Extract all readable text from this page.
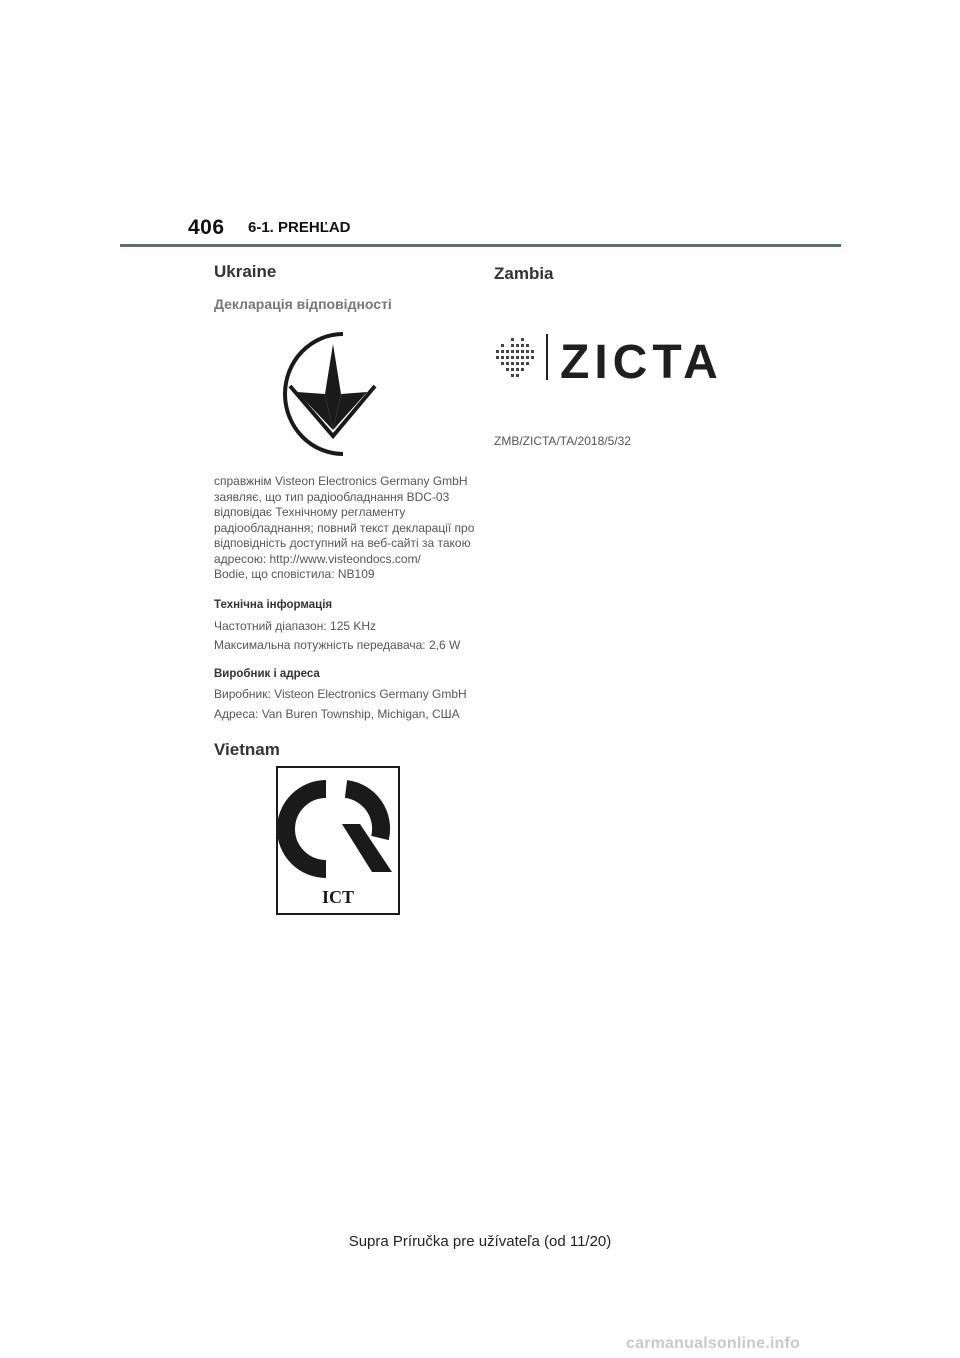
406 6-1. PREHĽAD
Ukraine
Декларація відповідності
справжнім Visteon Electronics Germany GmbH заявляє, що тип радіообладнання BDC-03 відповідає Технічному регламенту радіообладнання; повний текст декларації про відповідність доступний на веб-сайті за такою адресою: http://www.visteondocs.com/
Bodie, що сповістила: NB109
Технічна інформація
Частотний діапазон: 125 KHz
Максимальна потужність передавача: 2,6 W
Виробник і адреса
Виробник: Visteon Electronics Germany GmbH
Адреса: Van Buren Township, Michigan, США
Vietnam
ICT
Zambia
ZICTA
ZMB/ZICTA/TA/2018/5/32
Supra Príručka pre užívateľa (od 11/20)
carmanualsonline.info
